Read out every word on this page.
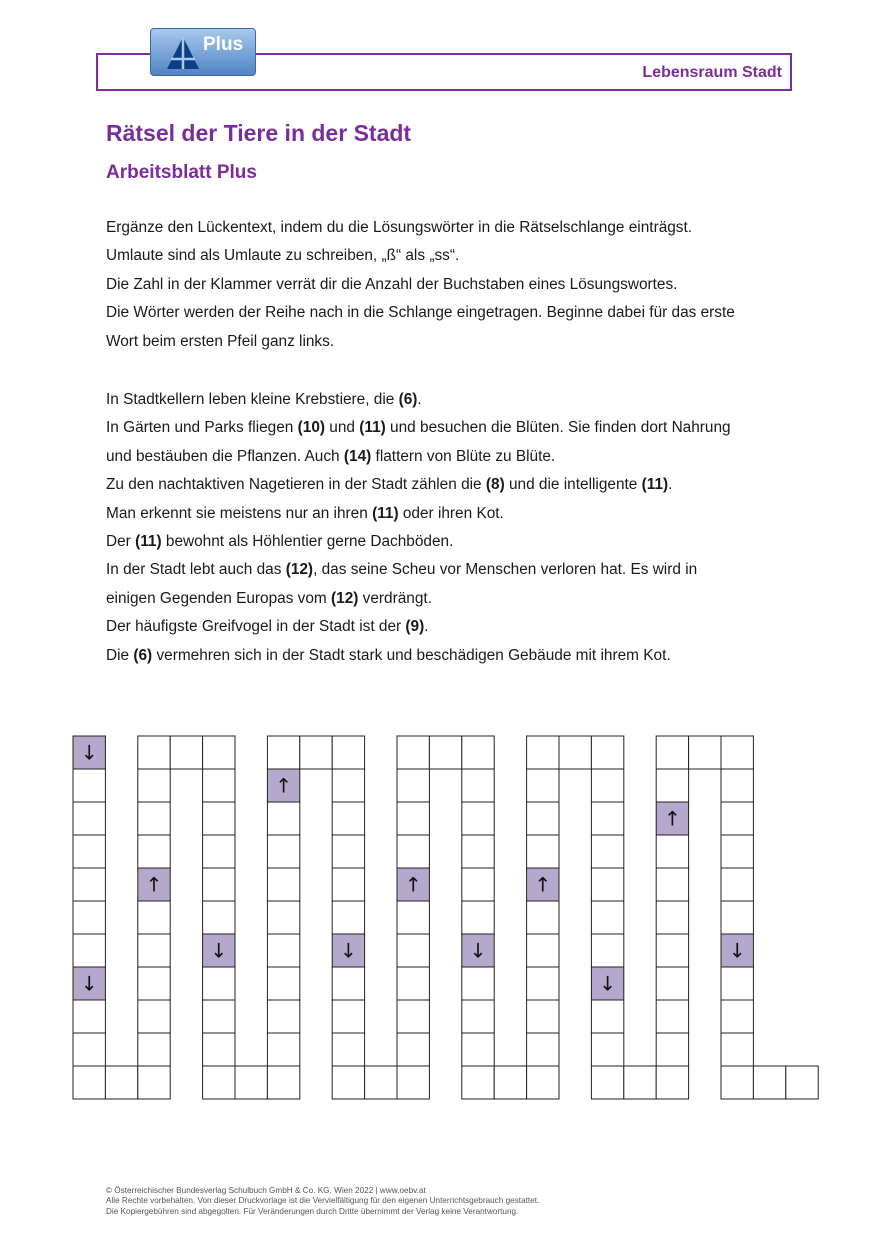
Lebensraum Stadt
Plus
Rätsel der Tiere in der Stadt
Arbeitsblatt Plus
Ergänze den Lückentext, indem du die Lösungswörter in die Rätselschlange einträgst.
Umlaute sind als Umlaute zu schreiben, „ß“ als „ss“.
Die Zahl in der Klammer verrät dir die Anzahl der Buchstaben eines Lösungswortes.
Die Wörter werden der Reihe nach in die Schlange eingetragen. Beginne dabei für das erste
Wort beim ersten Pfeil ganz links.
In Stadtkellern leben kleine Krebstiere, die (6).
In Gärten und Parks fliegen (10) und (11) und besuchen die Blüten. Sie finden dort Nahrung
und bestäuben die Pflanzen. Auch (14) flattern von Blüte zu Blüte.
Zu den nachtaktiven Nagetieren in der Stadt zählen die (8) und die intelligente (11).
Man erkennt sie meistens nur an ihren (11) oder ihren Kot.
Der (11) bewohnt als Höhlentier gerne Dachböden.
In der Stadt lebt auch das (12), das seine Scheu vor Menschen verloren hat. Es wird in
einigen Gegenden Europas vom (12) verdrängt.
Der häufigste Greifvogel in der Stadt ist der (9).
Die (6) vermehren sich in der Stadt stark und beschädigen Gebäude mit ihrem Kot.
↓
↓
↑
↓
↑
↓
↑
↓
↑
↓
↑
↓
© Österreichischer Bundesverlag Schulbuch GmbH & Co. KG, Wien 2022 | www.oebv.at
Alle Rechte vorbehalten. Von dieser Druckvorlage ist die Vervielfältigung für den eigenen Unterrichtsgebrauch gestattet.
Die Kopiergebühren sind abgegolten. Für Veränderungen durch Dritte übernimmt der Verlag keine Verantwortung.
